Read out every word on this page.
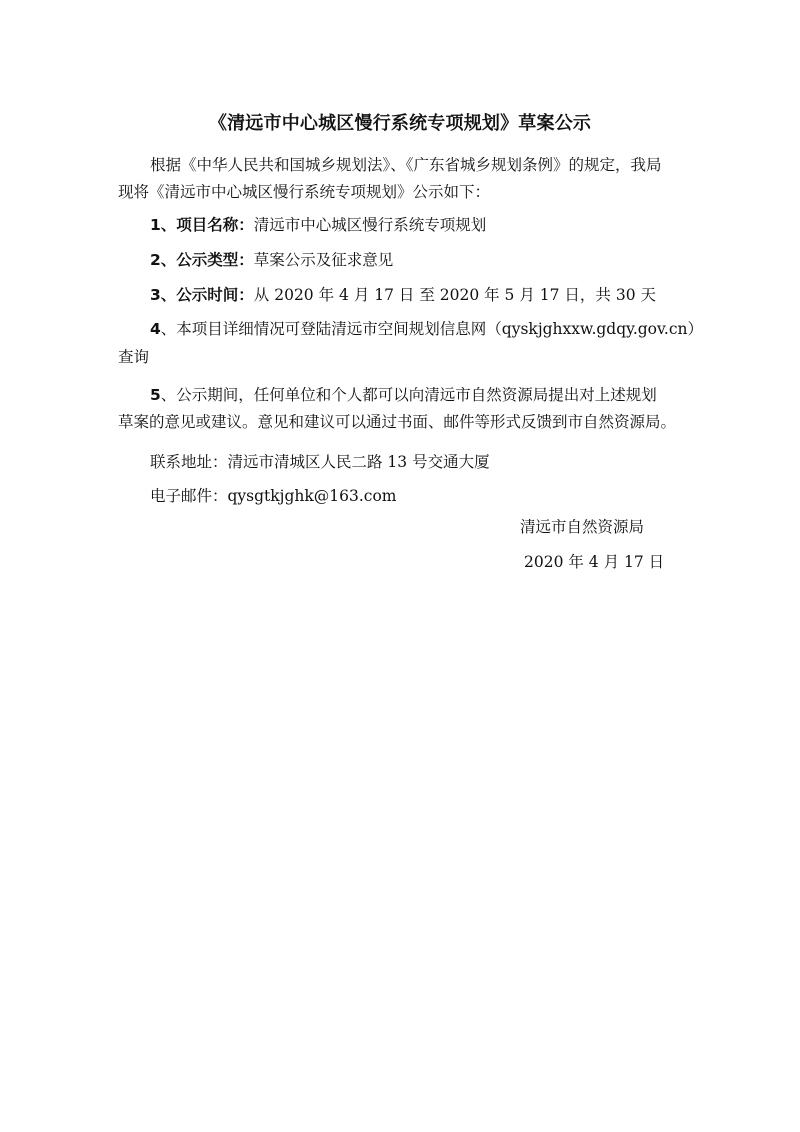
《清远市中心城区慢行系统专项规划》草案公示
根据《中华人民共和国城乡规划法》、《广东省城乡规划条例》的规定，我局
现将《清远市中心城区慢行系统专项规划》公示如下：
1、项目名称：清远市中心城区慢行系统专项规划
2、公示类型：草案公示及征求意见
3、公示时间：从 2020 年 4 月 17 日 至 2020 年 5 月 17 日，共 30 天
4、本项目详细情况可登陆清远市空间规划信息网（qyskjghxxw.gdqy.gov.cn）
查询
5、公示期间，任何单位和个人都可以向清远市自然资源局提出对上述规划
草案的意见或建议。意见和建议可以通过书面、邮件等形式反馈到市自然资源局。
联系地址：清远市清城区人民二路 13 号交通大厦
电子邮件：qysgtkjghk@163.com
清远市自然资源局
2020 年 4 月 17 日
